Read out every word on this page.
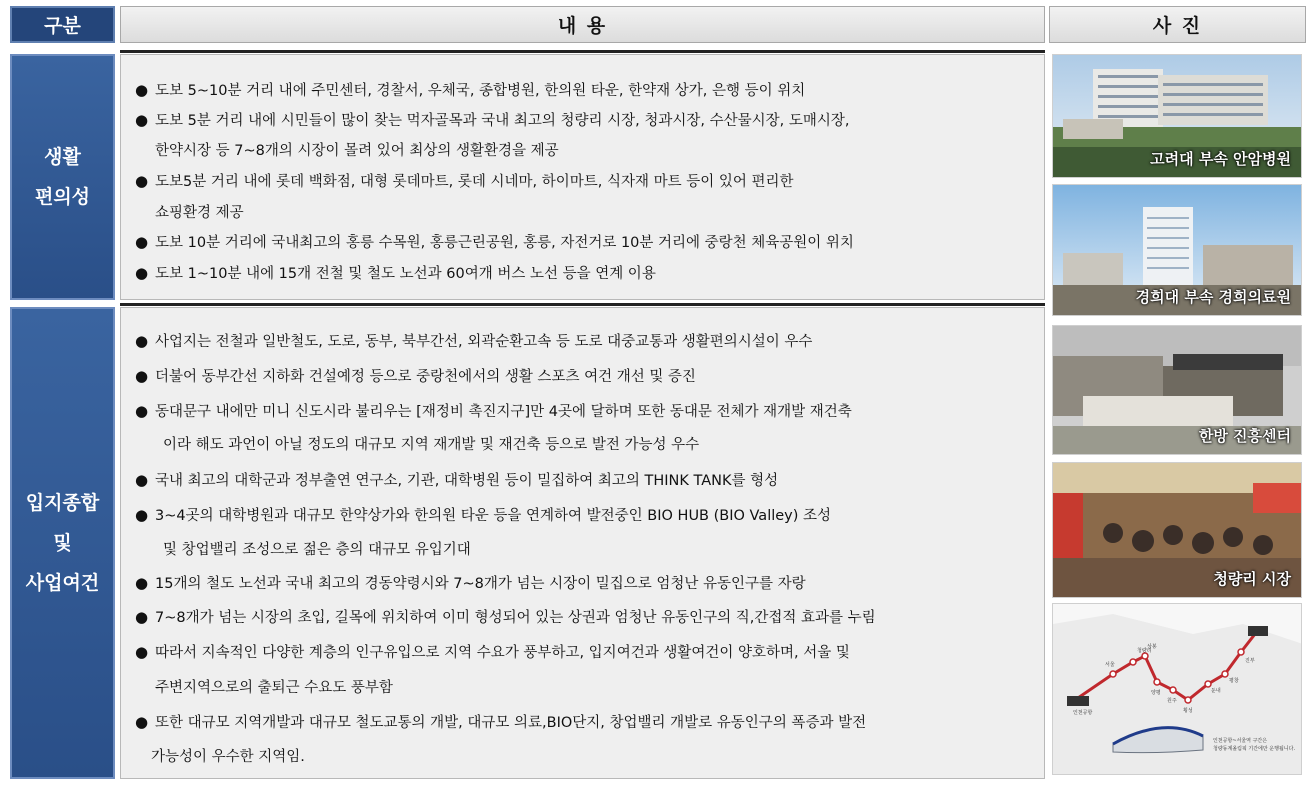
구분	내 용	사 진
생활
편의성
● 도보 5~10분 거리 내에 주민센터, 경찰서, 우체국, 종합병원, 한의원 타운, 한약재 상가, 은행 등이 위치
● 도보 5분 거리 내에 시민들이 많이 찾는 먹자골목과 국내 최고의 청량리 시장, 청과시장, 수산물시장, 도매시장,
한약시장 등 7~8개의 시장이 몰려 있어 최상의 생활환경을 제공
● 도보5분 거리 내에 롯데 백화점, 대형 롯데마트, 롯데 시네마, 하이마트, 식자재 마트 등이 있어 편리한
쇼핑환경 제공
● 도보 10분 거리에 국내최고의 홍릉 수목원, 홍릉근린공원, 홍릉, 자전거로 10분 거리에 중랑천 체육공원이 위치
● 도보 1~10분 내에 15개 전철 및 철도 노선과 60여개 버스 노선 등을 연계 이용
입지종합
및
사업여건
● 사업지는 전철과 일반철도, 도로, 동부, 북부간선, 외곽순환고속 등 도로 대중교통과 생활편의시설이 우수
● 더불어 동부간선 지하화 건설예정 등으로 중랑천에서의 생활 스포츠 여건 개선 및 증진
● 동대문구 내에만 미니 신도시라 불리우는 [재정비 촉진지구]만 4곳에 달하며 또한 동대문 전체가 재개발 재건축
이라 해도 과언이 아닐 정도의 대규모 지역 재개발 및 재건축 등으로 발전 가능성 우수
● 국내 최고의 대학군과 정부출연 연구소, 기관, 대학병원 등이 밀집하여 최고의 THINK TANK를 형성
● 3~4곳의 대학병원과 대규모 한약상가와 한의원 타운 등을 연계하여 발전중인 BIO HUB (BIO Valley) 조성
및 창업밸리 조성으로 젊은 층의 대규모 유입기대
● 15개의 철도 노선과 국내 최고의 경동약령시와 7~8개가 넘는 시장이 밀집으로 엄청난 유동인구를 자랑
● 7~8개가 넘는 시장의 초입, 길목에 위치하여 이미 형성되어 있는 상권과 엄청난 유동인구의 직,간접적 효과를 누림
● 따라서 지속적인 다양한 계층의 인구유입으로 지역 수요가 풍부하고, 입지여건과 생활여건이 양호하며, 서울 및
주변지역으로의 출퇴근 수요도 풍부함
● 또한 대규모 지역개발과 대규모 철도교통의 개발, 대규모 의료,BIO단지, 창업밸리 개발로 유동인구의 폭증과 발전
가능성이 우수한 지역임.
고려대 부속 안암병원
경희대 부속 경희의료원
한방 진흥센터
청량리 시장
인천공항
서울
청량리
상봉
양평
원주
횡성
둔내
평창
진부
강릉
인천공항~서울역 구간은
청량동계올림픽 기간에만 운행됩니다.
